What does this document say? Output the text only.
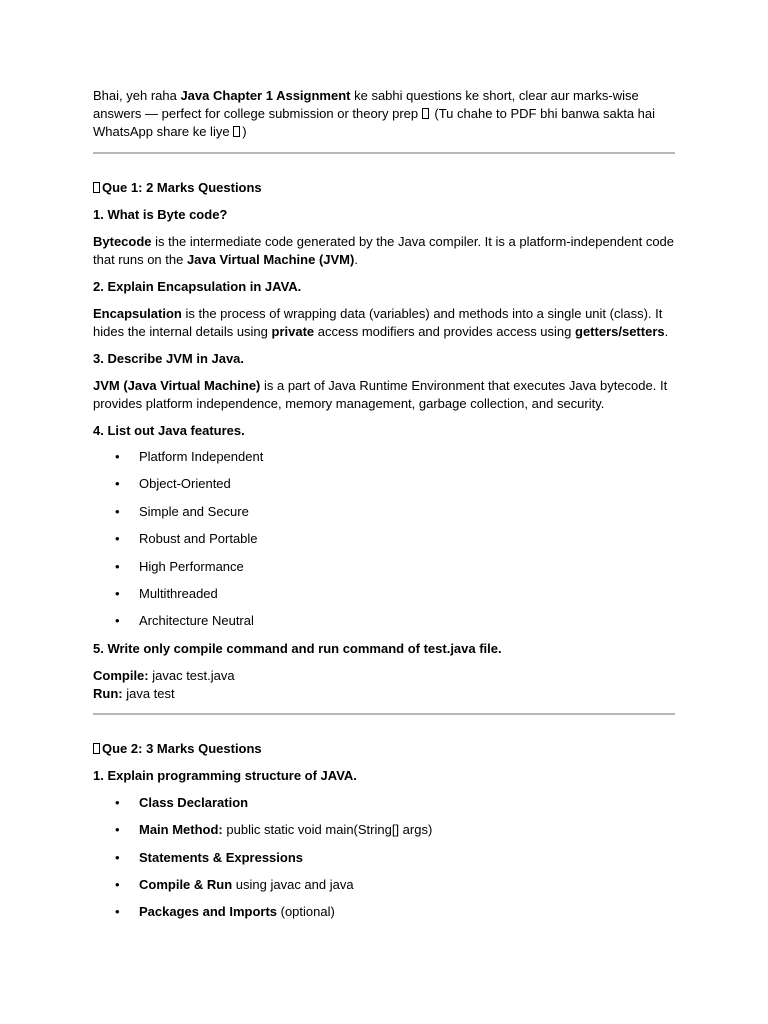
Bhai, yeh raha Java Chapter 1 Assignment ke sabhi questions ke short, clear aur marks-wise answers — perfect for college submission or theory prep  (Tu chahe to PDF bhi banwa sakta hai WhatsApp share ke liye )

Que 1: 2 Marks Questions

1. What is Byte code?

Bytecode is the intermediate code generated by the Java compiler. It is a platform-independent code that runs on the Java Virtual Machine (JVM).

2. Explain Encapsulation in JAVA.

Encapsulation is the process of wrapping data (variables) and methods into a single unit (class). It hides the internal details using private access modifiers and provides access using getters/setters.

3. Describe JVM in Java.

JVM (Java Virtual Machine) is a part of Java Runtime Environment that executes Java bytecode. It provides platform independence, memory management, garbage collection, and security.

4. List out Java features.

• Platform Independent
• Object-Oriented
• Simple and Secure
• Robust and Portable
• High Performance
• Multithreaded
• Architecture Neutral

5. Write only compile command and run command of test.java file.

Compile: javac test.java

Run: java test

Que 2: 3 Marks Questions

1. Explain programming structure of JAVA.

• Class Declaration
• Main Method: public static void main(String[] args)
• Statements & Expressions
• Compile & Run using javac and java
• Packages and Imports (optional)
